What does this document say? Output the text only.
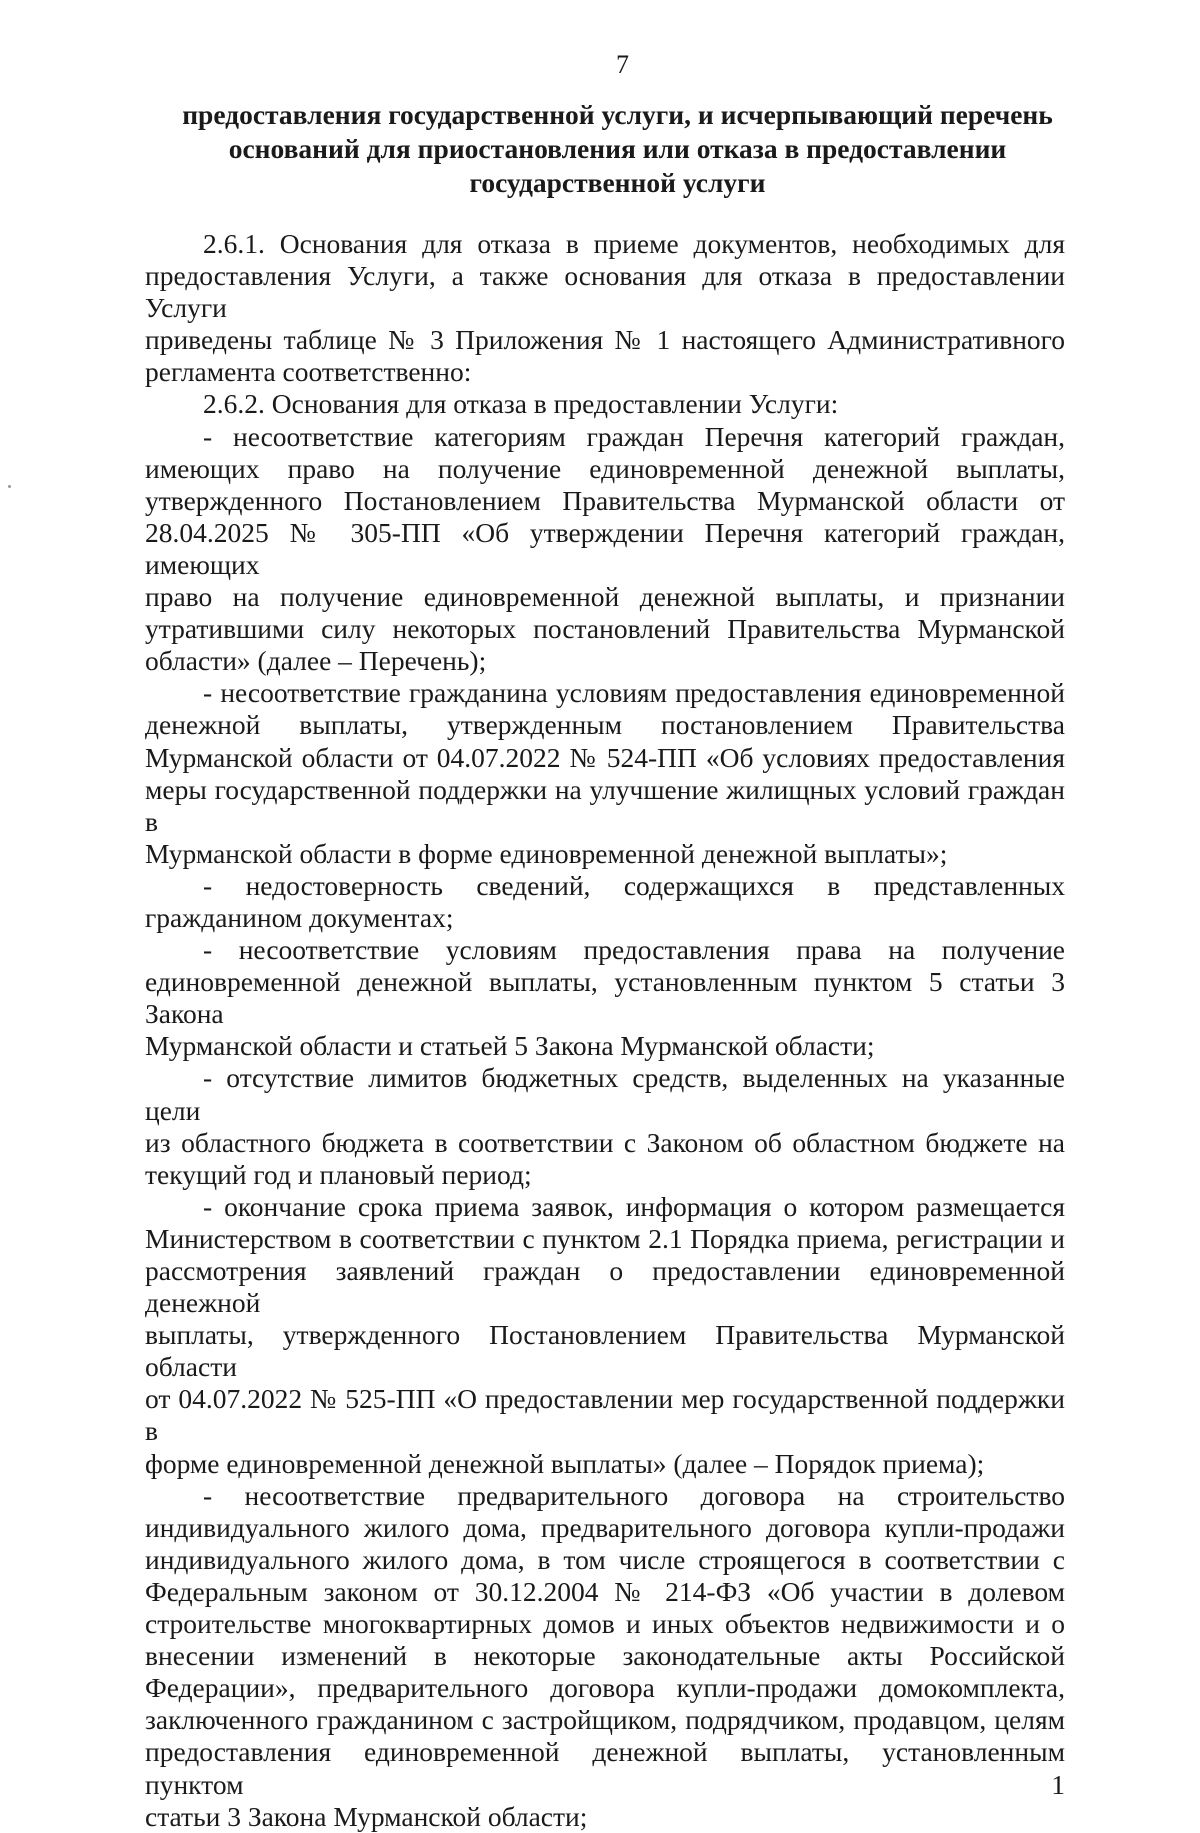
7
предоставления государственной услуги, и исчерпывающий перечень
оснований для приостановления или отказа в предоставлении
государственной услуги
2.6.1. Основания для отказа в приеме документов, необходимых для
предоставления Услуги, а также основания для отказа в предоставлении Услуги
приведены таблице № 3 Приложения № 1 настоящего Административного
регламента соответственно:
2.6.2. Основания для отказа в предоставлении Услуги:
- несоответствие категориям граждан Перечня категорий граждан,
имеющих право на получение единовременной денежной выплаты,
утвержденного Постановлением Правительства Мурманской области от
28.04.2025 № 305-ПП «Об утверждении Перечня категорий граждан, имеющих
право на получение единовременной денежной выплаты, и признании
утратившими силу некоторых постановлений Правительства Мурманской
области» (далее – Перечень);
- несоответствие гражданина условиям предоставления единовременной
денежной выплаты, утвержденным постановлением Правительства
Мурманской области от 04.07.2022 № 524-ПП «Об условиях предоставления
меры государственной поддержки на улучшение жилищных условий граждан в
Мурманской области в форме единовременной денежной выплаты»;
- недостоверность сведений, содержащихся в представленных
гражданином документах;
- несоответствие условиям предоставления права на получение
единовременной денежной выплаты, установленным пунктом 5 статьи 3 Закона
Мурманской области и статьей 5 Закона Мурманской области;
- отсутствие лимитов бюджетных средств, выделенных на указанные цели
из областного бюджета в соответствии с Законом об областном бюджете на
текущий год и плановый период;
- окончание срока приема заявок, информация о котором размещается
Министерством в соответствии с пунктом 2.1 Порядка приема, регистрации и
рассмотрения заявлений граждан о предоставлении единовременной денежной
выплаты, утвержденного Постановлением Правительства Мурманской области
от 04.07.2022 № 525-ПП «О предоставлении мер государственной поддержки в
форме единовременной денежной выплаты» (далее – Порядок приема);
- несоответствие предварительного договора на строительство
индивидуального жилого дома, предварительного договора купли-продажи
индивидуального жилого дома, в том числе строящегося в соответствии с
Федеральным законом от 30.12.2004 № 214-ФЗ «Об участии в долевом
строительстве многоквартирных домов и иных объектов недвижимости и о
внесении изменений в некоторые законодательные акты Российской
Федерации», предварительного договора купли-продажи домокомплекта,
заключенного гражданином с застройщиком, подрядчиком, продавцом, целям
предоставления единовременной денежной выплаты, установленным пунктом 1
статьи 3 Закона Мурманской области;
